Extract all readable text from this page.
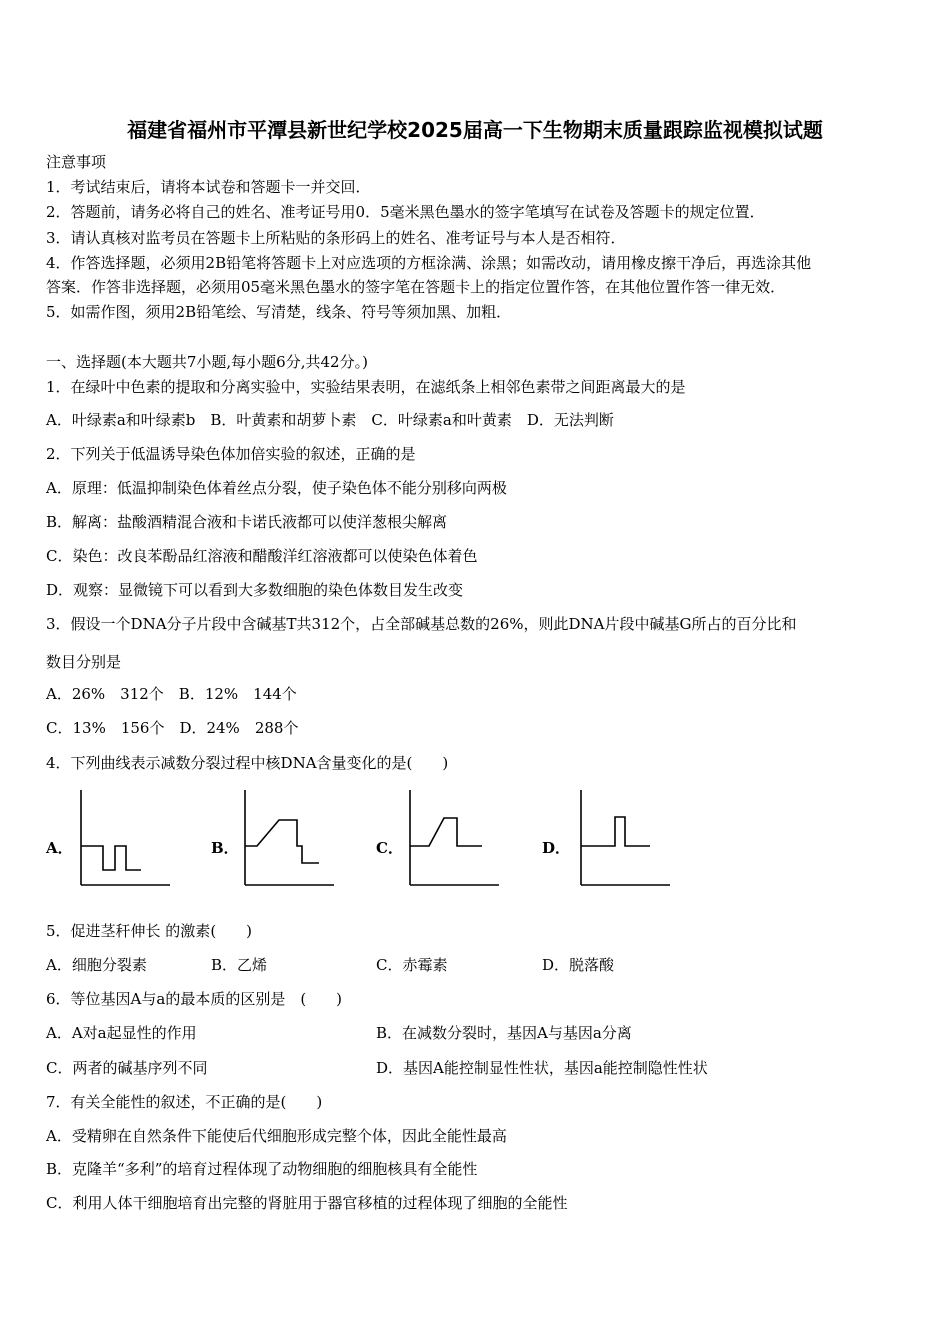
福建省福州市平潭县新世纪学校2025届高一下生物期末质量跟踪监视模拟试题
注意事项
1．考试结束后，请将本试卷和答题卡一并交回．
2．答题前，请务必将自己的姓名、准考证号用0．5毫米黑色墨水的签字笔填写在试卷及答题卡的规定位置．
3．请认真核对监考员在答题卡上所粘贴的条形码上的姓名、准考证号与本人是否相符．
4．作答选择题，必须用2B铅笔将答题卡上对应选项的方框涂满、涂黑；如需改动，请用橡皮擦干净后，再选涂其他
答案．作答非选择题，必须用05毫米黑色墨水的签字笔在答题卡上的指定位置作答，在其他位置作答一律无效．
5．如需作图，须用2B铅笔绘、写清楚，线条、符号等须加黑、加粗．
一、选择题(本大题共7小题,每小题6分,共42分。)
1．在绿叶中色素的提取和分离实验中，实验结果表明，在滤纸条上相邻色素带之间距离最大的是
A．叶绿素a和叶绿素b　B．叶黄素和胡萝卜素　C．叶绿素a和叶黄素　D．无法判断
2．下列关于低温诱导染色体加倍实验的叙述，正确的是
A．原理：低温抑制染色体着丝点分裂，使子染色体不能分别移向两极
B．解离：盐酸酒精混合液和卡诺氏液都可以使洋葱根尖解离
C．染色：改良苯酚品红溶液和醋酸洋红溶液都可以使染色体着色
D．观察：显微镜下可以看到大多数细胞的染色体数目发生改变
3．假设一个DNA分子片段中含碱基T共312个，占全部碱基总数的26%，则此DNA片段中碱基G所占的百分比和
数目分别是
A．26%　312个　B．12%　144个
C．13%　156个　D．24%　288个
4．下列曲线表示减数分裂过程中核DNA含量变化的是(　　)
A．	B．	C．	D．
5．促进茎秆伸长 的激素(　　)
A．细胞分裂素	B．乙烯	C．赤霉素	D．脱落酸
6．等位基因A与a的最本质的区别是　(　　)
A．A对a起显性的作用	B．在减数分裂时，基因A与基因a分离
C．两者的碱基序列不同	D．基因A能控制显性性状，基因a能控制隐性性状
7．有关全能性的叙述，不正确的是(　　)
A．受精卵在自然条件下能使后代细胞形成完整个体，因此全能性最高
B．克隆羊“多利”的培育过程体现了动物细胞的细胞核具有全能性
C．利用人体干细胞培育出完整的肾脏用于器官移植的过程体现了细胞的全能性
